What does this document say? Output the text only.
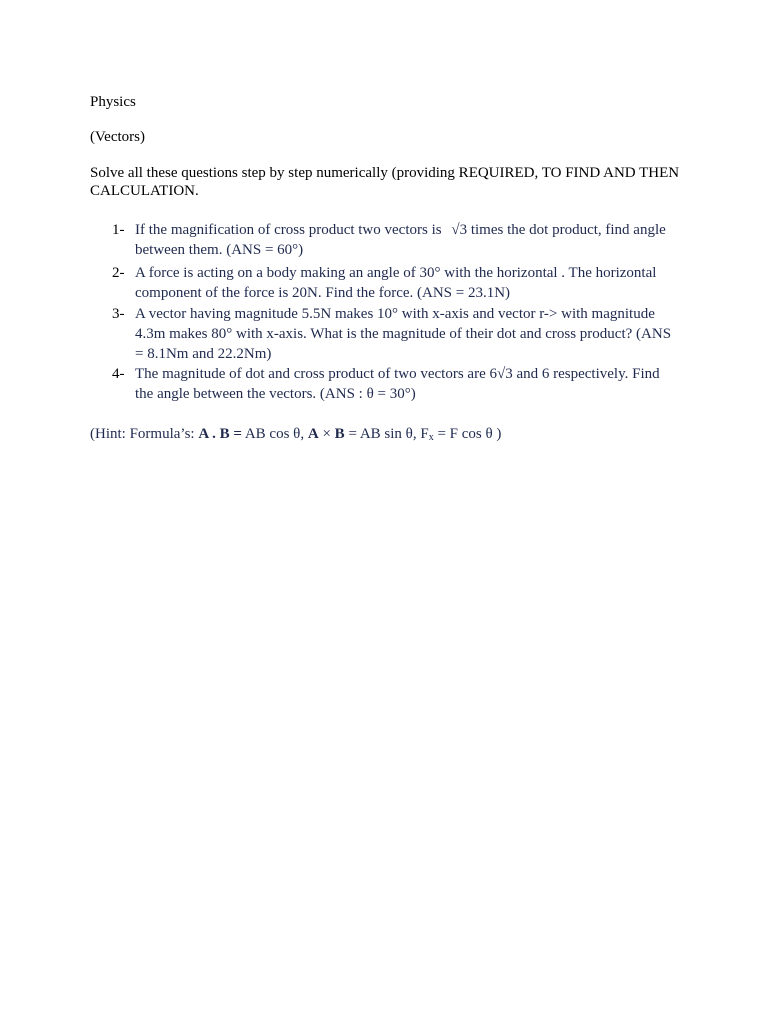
Physics

(Vectors)

Solve all these questions step by step numerically (providing REQUIRED, TO FIND AND THEN CALCULATION.

1- If the magnification of cross product two vectors is √3 times the dot product, find angle between them. (ANS = 60°)
2- A force is acting on a body making an angle of 30° with the horizontal . The horizontal component of the force is 20N. Find the force. (ANS = 23.1N)
3- A vector having magnitude 5.5N makes 10° with x-axis and vector r-> with magnitude 4.3m makes 80° with x-axis. What is the magnitude of their dot and cross product? (ANS = 8.1Nm and 22.2Nm)
4- The magnitude of dot and cross product of two vectors are 6√3 and 6 respectively. Find the angle between the vectors. (ANS : θ = 30°)

(Hint: Formula’s: A . B = AB cos θ, A × B = AB sin θ, $F_x = F$ cos θ )
